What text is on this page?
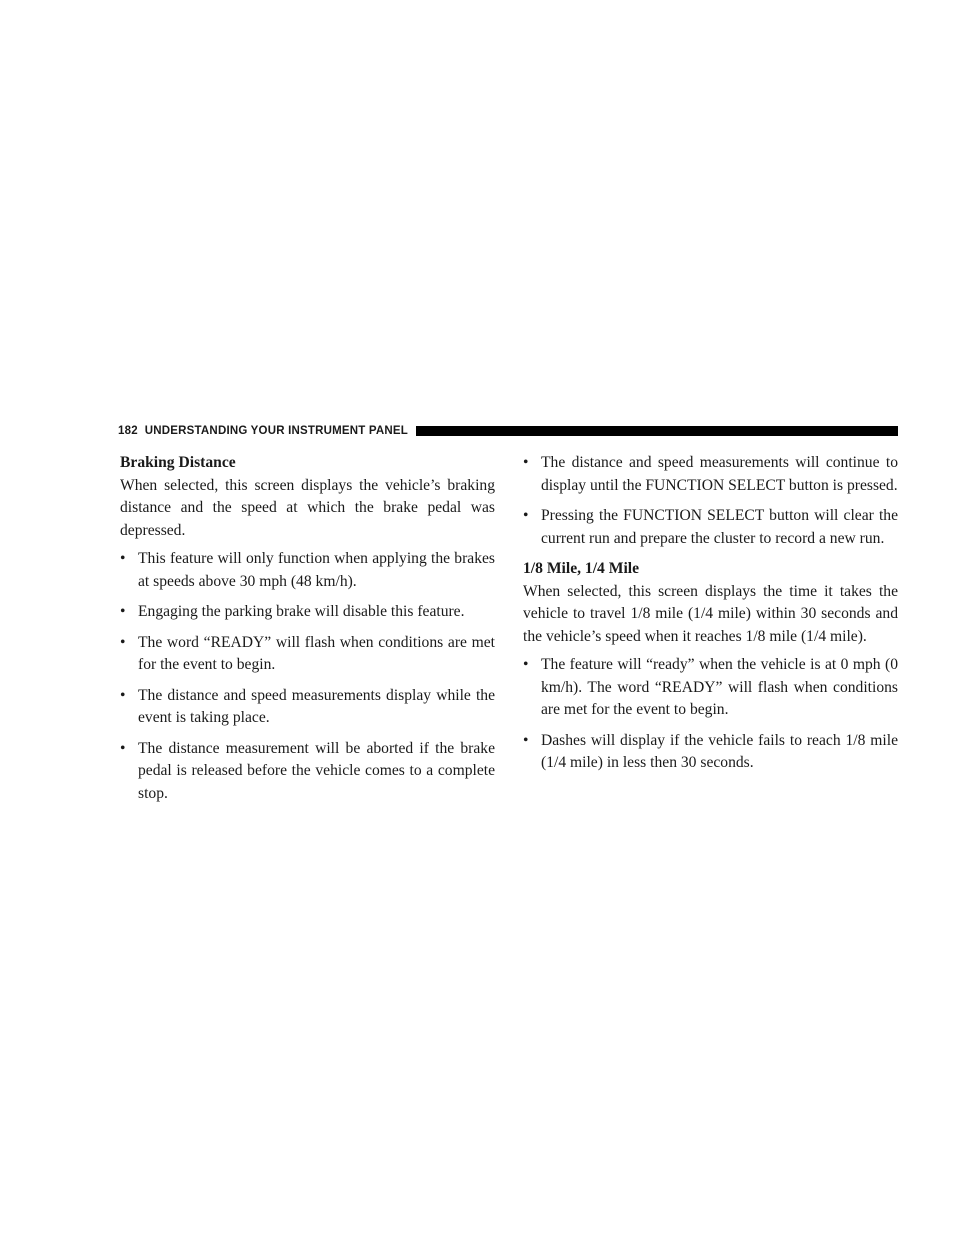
182 UNDERSTANDING YOUR INSTRUMENT PANEL

Braking Distance

When selected, this screen displays the vehicle’s braking distance and the speed at which the brake pedal was depressed.

• This feature will only function when applying the brakes at speeds above 30 mph (48 km/h).
• Engaging the parking brake will disable this feature.
• The word “READY” will flash when conditions are met for the event to begin.
• The distance and speed measurements display while the event is taking place.
• The distance measurement will be aborted if the brake pedal is released before the vehicle comes to a complete stop.
• The distance and speed measurements will continue to display until the FUNCTION SELECT button is pressed.
• Pressing the FUNCTION SELECT button will clear the current run and prepare the cluster to record a new run.

1/8 Mile, 1/4 Mile

When selected, this screen displays the time it takes the vehicle to travel 1/8 mile (1/4 mile) within 30 seconds and the vehicle’s speed when it reaches 1/8 mile (1/4 mile).

• The feature will “ready” when the vehicle is at 0 mph (0 km/h). The word “READY” will flash when conditions are met for the event to begin.
• Dashes will display if the vehicle fails to reach 1/8 mile (1/4 mile) in less then 30 seconds.
